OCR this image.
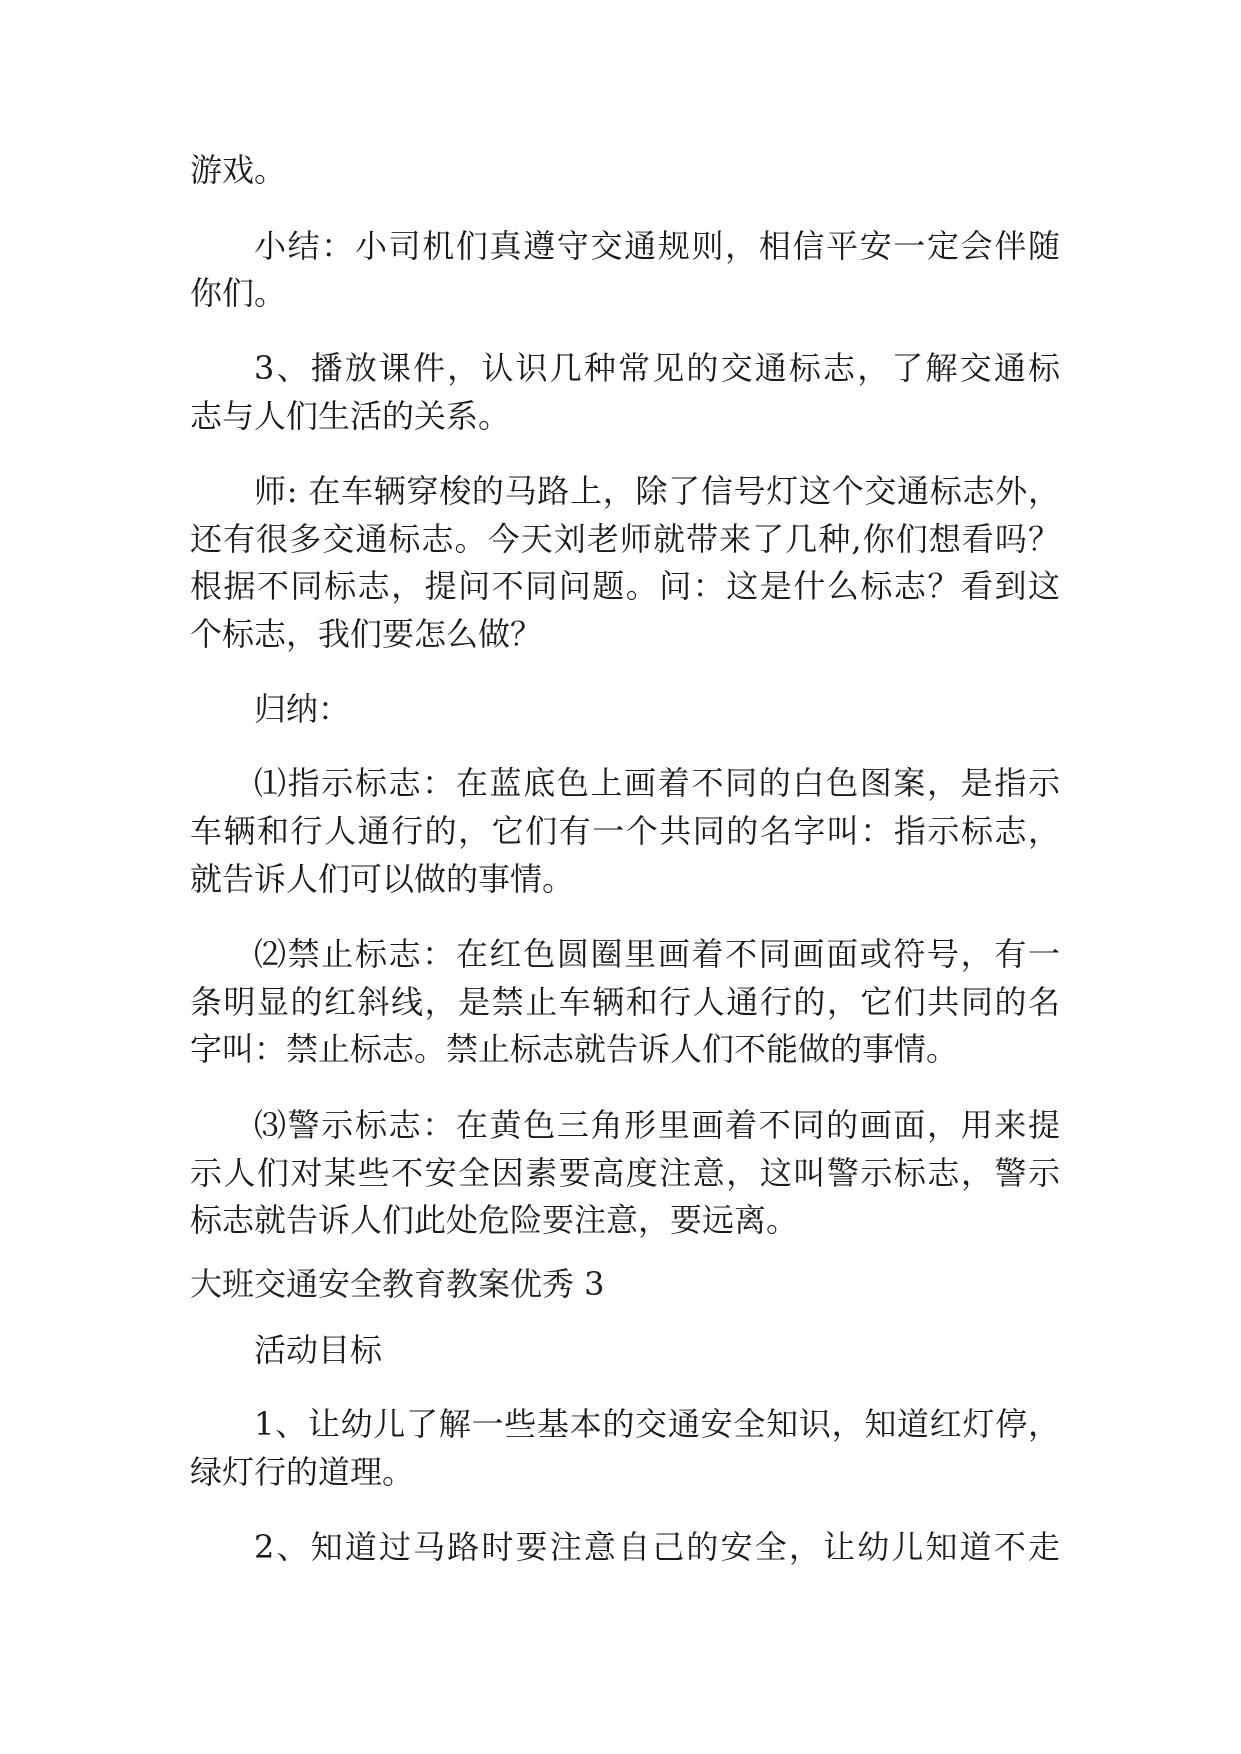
游戏。

小结：小司机们真遵守交通规则，相信平安一定会伴随

你们。

3、播放课件，认识几种常见的交通标志，了解交通标

志与人们生活的关系。

师: 在车辆穿梭的马路上，除了信号灯这个交通标志外，

还有很多交通标志。今天刘老师就带来了几种,你们想看吗？

根据不同标志，提问不同问题。问：这是什么标志？看到这

个标志，我们要怎么做？

归纳：

⑴指示标志：在蓝底色上画着不同的白色图案，是指示

车辆和行人通行的，它们有一个共同的名字叫：指示标志，

就告诉人们可以做的事情。

⑵禁止标志：在红色圆圈里画着不同画面或符号，有一

条明显的红斜线，是禁止车辆和行人通行的，它们共同的名

字叫：禁止标志。禁止标志就告诉人们不能做的事情。

⑶警示标志：在黄色三角形里画着不同的画面，用来提

示人们对某些不安全因素要高度注意，这叫警示标志，警示

标志就告诉人们此处危险要注意，要远离。

大班交通安全教育教案优秀 3

活动目标

1、让幼儿了解一些基本的交通安全知识，知道红灯停，

绿灯行的道理。

2、知道过马路时要注意自己的安全，让幼儿知道不走
